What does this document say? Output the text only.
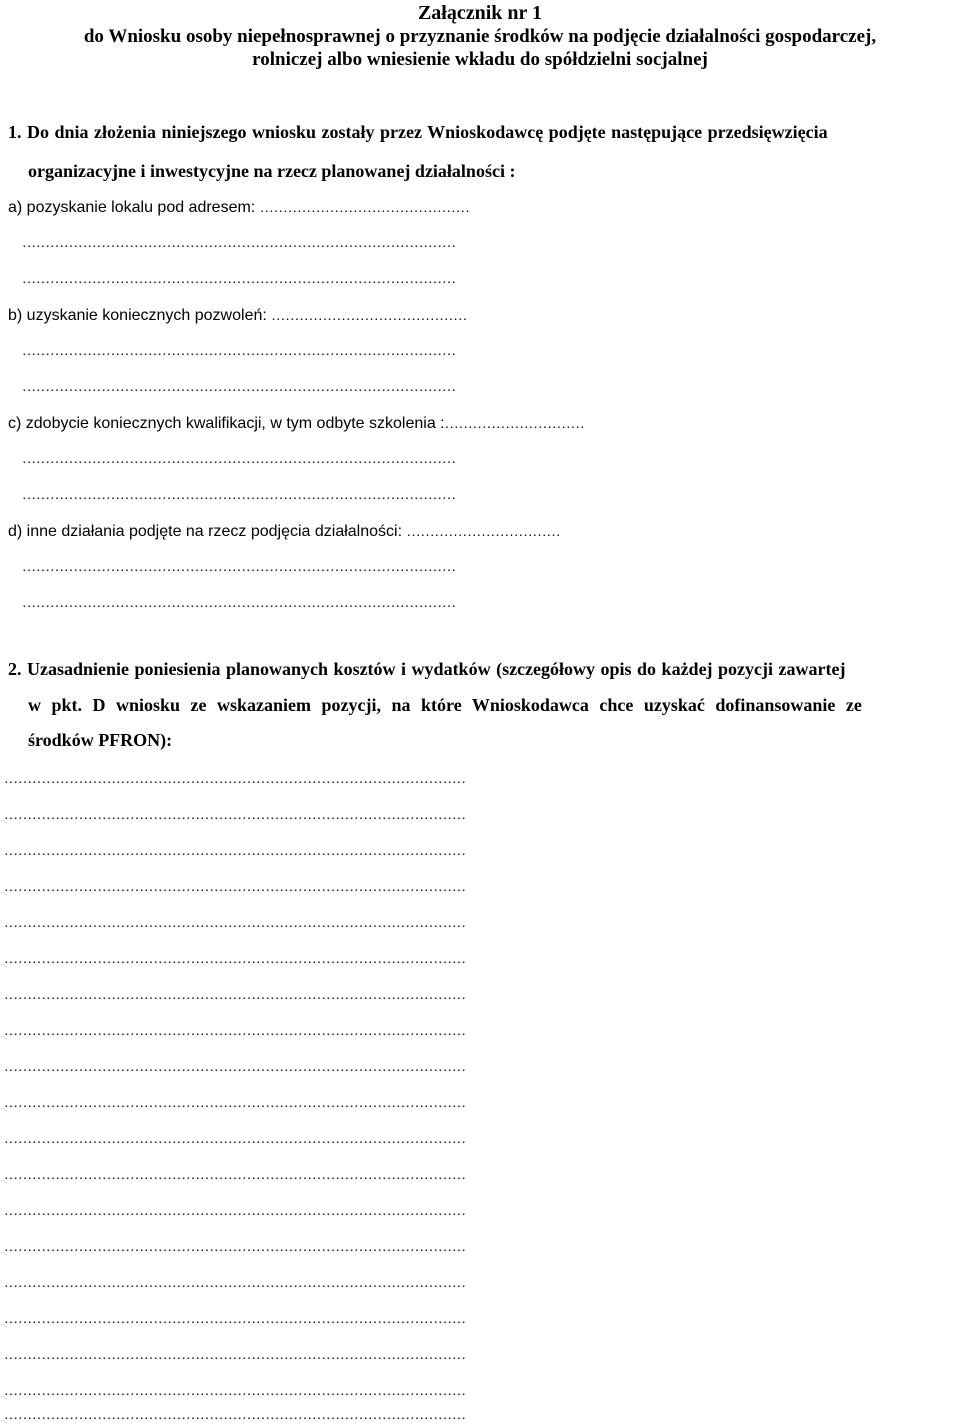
Załącznik nr 1
do Wniosku osoby niepełnosprawnej o przyznanie środków na podjęcie działalności gospodarczej,
rolniczej albo wniesienie wkładu do spółdzielni socjalnej
1. Do dnia złożenia niniejszego wniosku zostały przez Wnioskodawcę podjęte następujące przedsięwzięcia
organizacyjne i inwestycyjne na rzecz planowanej działalności :
a) pozyskanie lokalu pod adresem: ………………………………………
…………………………………………………………………………………
…………………………………………………………………………………
b) uzyskanie koniecznych pozwoleń: ……………………………………
…………………………………………………………………………………
…………………………………………………………………………………
c) zdobycie koniecznych kwalifikacji, w tym odbyte szkolenia :…………………………
…………………………………………………………………………………
…………………………………………………………………………………
d) inne działania podjęte na rzecz podjęcia działalności: ……………………………
…………………………………………………………………………………
…………………………………………………………………………………
2. Uzasadnienie poniesienia planowanych kosztów i wydatków (szczegółowy opis do każdej pozycji zawartej
w pkt. D wniosku ze wskazaniem pozycji, na które Wnioskodawca chce uzyskać dofinansowanie ze
środków PFRON):
………………………………………………………………………………………
………………………………………………………………………………………
………………………………………………………………………………………
………………………………………………………………………………………
………………………………………………………………………………………
………………………………………………………………………………………
………………………………………………………………………………………
………………………………………………………………………………………
………………………………………………………………………………………
………………………………………………………………………………………
………………………………………………………………………………………
………………………………………………………………………………………
………………………………………………………………………………………
………………………………………………………………………………………
………………………………………………………………………………………
………………………………………………………………………………………
………………………………………………………………………………………
………………………………………………………………………………………
………………………………………………………………………………………
